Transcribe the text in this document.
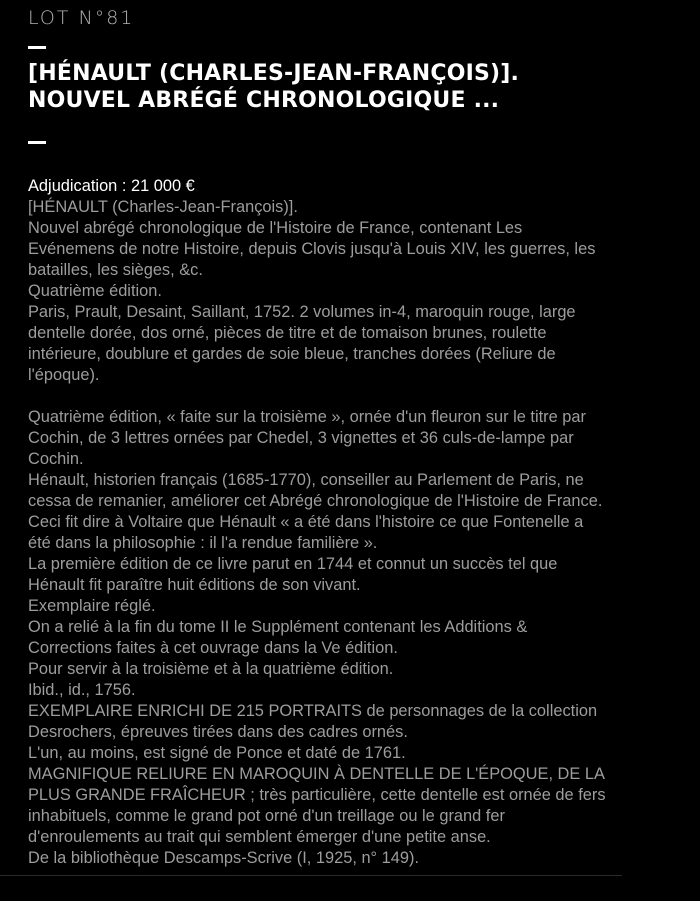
LOT N°81
[HÉNAULT (CHARLES-JEAN-FRANÇOIS)].
NOUVEL ABRÉGÉ CHRONOLOGIQUE ...

Adjudication : 21 000 €

[HÉNAULT (Charles-Jean-François)].

Nouvel abrégé chronologique de l'Histoire de France, contenant Les

Evénemens de notre Histoire, depuis Clovis jusqu'à Louis XIV, les guerres, les

batailles, les sièges, &c.

Quatrième édition.

Paris, Prault, Desaint, Saillant, 1752. 2 volumes in-4, maroquin rouge, large

dentelle dorée, dos orné, pièces de titre et de tomaison brunes, roulette

intérieure, doublure et gardes de soie bleue, tranches dorées (Reliure de

l'époque).

Quatrième édition, « faite sur la troisième », ornée d'un fleuron sur le titre par

Cochin, de 3 lettres ornées par Chedel, 3 vignettes et 36 culs-de-lampe par

Cochin.

Hénault, historien français (1685-1770), conseiller au Parlement de Paris, ne

cessa de remanier, améliorer cet Abrégé chronologique de l'Histoire de France.

Ceci fit dire à Voltaire que Hénault « a été dans l'histoire ce que Fontenelle a

été dans la philosophie : il l'a rendue familière ».

La première édition de ce livre parut en 1744 et connut un succès tel que

Hénault fit paraître huit éditions de son vivant.

Exemplaire réglé.

On a relié à la fin du tome II le Supplément contenant les Additions &

Corrections faites à cet ouvrage dans la Ve édition.

Pour servir à la troisième et à la quatrième édition.

Ibid., id., 1756.

EXEMPLAIRE ENRICHI DE 215 PORTRAITS de personnages de la collection

Desrochers, épreuves tirées dans des cadres ornés.

L'un, au moins, est signé de Ponce et daté de 1761.

MAGNIFIQUE RELIURE EN MAROQUIN À DENTELLE DE L'ÉPOQUE, DE LA

PLUS GRANDE FRAÎCHEUR ; très particulière, cette dentelle est ornée de fers

inhabituels, comme le grand pot orné d'un treillage ou le grand fer

d'enroulements au trait qui semblent émerger d'une petite anse.

De la bibliothèque Descamps-Scrive (I, 1925, n° 149).
